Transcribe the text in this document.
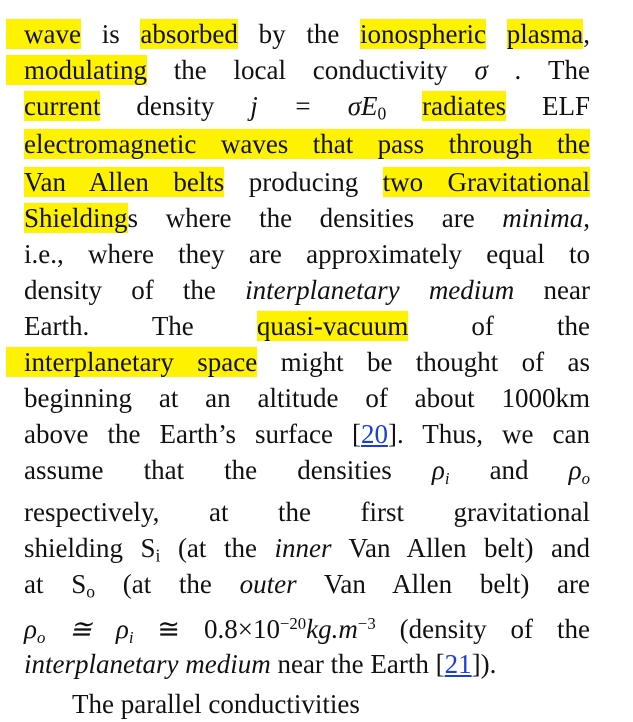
wave is absorbed by the ionospheric plasma,
modulating the local conductivity σ . The
current density $j = \sigma E_0$ radiates ELF
electromagnetic waves that pass through the
Van Allen belts producing two Gravitational
Shieldings where the densities are minima,
i.e., where they are approximately equal to
density of the interplanetary medium near
Earth. The quasi-vacuum of the
interplanetary space might be thought of as
beginning at an altitude of about 1000km
above the Earth’s surface [20]. Thus, we can
assume that the densities ρi and ρo
respectively, at the first gravitational
shielding $S_i$ (at the inner Van Allen belt) and
at $S_o$ (at the outer Van Allen belt) are
ρo ≅ ρi ≅ $0.8\times 10^{-20}kg.m^{-3}$ (density of the
interplanetary medium near the Earth [21]).
The parallel conductivities
